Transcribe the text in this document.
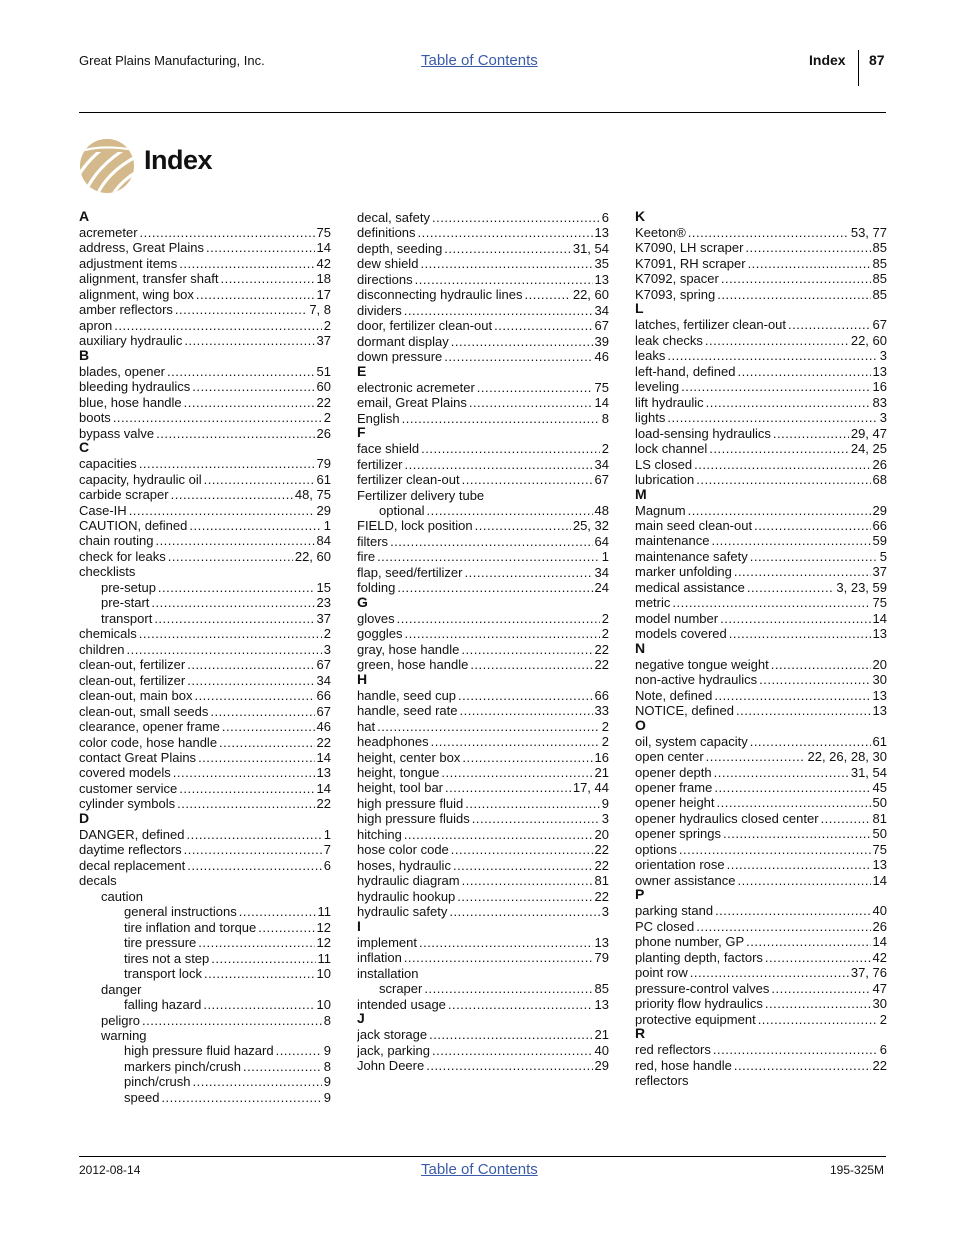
Great Plains Manufacturing, Inc.	Table of Contents	Index 87
Index
A
acremeter .....	75
address, Great Plains .....	14
adjustment items .....	42
alignment, transfer shaft .....	18
alignment, wing box .....	17
amber reflectors .....	7, 8
apron .....	2
auxiliary hydraulic .....	37
B
blades, opener .....	51
bleeding hydraulics .....	60
blue, hose handle .....	22
boots .....	2
bypass valve .....	26
C
capacities .....	79
capacity, hydraulic oil .....	61
carbide scraper .....	48, 75
Case-IH .....	29
CAUTION, defined .....	1
chain routing .....	84
check for leaks .....	22, 60
checklists
pre-setup .....	15
pre-start .....	23
transport .....	37
chemicals .....	2
children .....	3
clean-out, fertilizer .....	67
clean-out, fertilizer .....	34
clean-out, main box .....	66
clean-out, small seeds .....	67
clearance, opener frame .....	46
color code, hose handle .....	22
contact Great Plains .....	14
covered models .....	13
customer service .....	14
cylinder symbols .....	22
D
DANGER, defined .....	1
daytime reflectors .....	7
decal replacement .....	6
decals
caution
general instructions .....	11
tire inflation and torque .....	12
tire pressure .....	12
tires not a step .....	11
transport lock .....	10
danger
falling hazard .....	10
peligro .....	8
warning
high pressure fluid hazard .....	9
markers pinch/crush .....	8
pinch/crush .....	9
speed .....	9
decal, safety .....	6
definitions .....	13
depth, seeding .....	31, 54
dew shield .....	35
directions .....	13
disconnecting hydraulic lines .....	22, 60
dividers .....	34
door, fertilizer clean-out .....	67
dormant display .....	39
down pressure .....	46
E
electronic acremeter .....	75
email, Great Plains .....	14
English .....	8
F
face shield .....	2
fertilizer .....	34
fertilizer clean-out .....	67
Fertilizer delivery tube
optional .....	48
FIELD, lock position .....	25, 32
filters .....	64
fire .....	1
flap, seed/fertilizer .....	34
folding .....	24
G
gloves .....	2
goggles .....	2
gray, hose handle .....	22
green, hose handle .....	22
H
handle, seed cup .....	66
handle, seed rate .....	33
hat .....	2
headphones .....	2
height, center box .....	16
height, tongue .....	21
height, tool bar .....	17, 44
high pressure fluid .....	9
high pressure fluids .....	3
hitching .....	20
hose color code .....	22
hoses, hydraulic .....	22
hydraulic diagram .....	81
hydraulic hookup .....	22
hydraulic safety .....	3
I
implement .....	13
inflation .....	79
installation
scraper .....	85
intended usage .....	13
J
jack storage .....	21
jack, parking .....	40
John Deere .....	29
K
Keeton® .....	53, 77
K7090, LH scraper .....	85
K7091, RH scraper .....	85
K7092, spacer .....	85
K7093, spring .....	85
L
latches, fertilizer clean-out .....	67
leak checks .....	22, 60
leaks .....	3
left-hand, defined .....	13
leveling .....	16
lift hydraulic .....	83
lights .....	3
load-sensing hydraulics .....	29, 47
lock channel .....	24, 25
LS closed .....	26
lubrication .....	68
M
Magnum .....	29
main seed clean-out .....	66
maintenance .....	59
maintenance safety .....	5
marker unfolding .....	37
medical assistance .....	3, 23, 59
metric .....	75
model number .....	14
models covered .....	13
N
negative tongue weight .....	20
non-active hydraulics .....	30
Note, defined .....	13
NOTICE, defined .....	13
O
oil, system capacity .....	61
open center .....	22, 26, 28, 30
opener depth .....	31, 54
opener frame .....	45
opener height .....	50
opener hydraulics closed center .....	81
opener springs .....	50
options .....	75
orientation rose .....	13
owner assistance .....	14
P
parking stand .....	40
PC closed .....	26
phone number, GP .....	14
planting depth, factors .....	42
point row .....	37, 76
pressure-control valves .....	47
priority flow hydraulics .....	30
protective equipment .....	2
R
red reflectors .....	6
red, hose handle .....	22
reflectors
2012-08-14	Table of Contents	195-325M
